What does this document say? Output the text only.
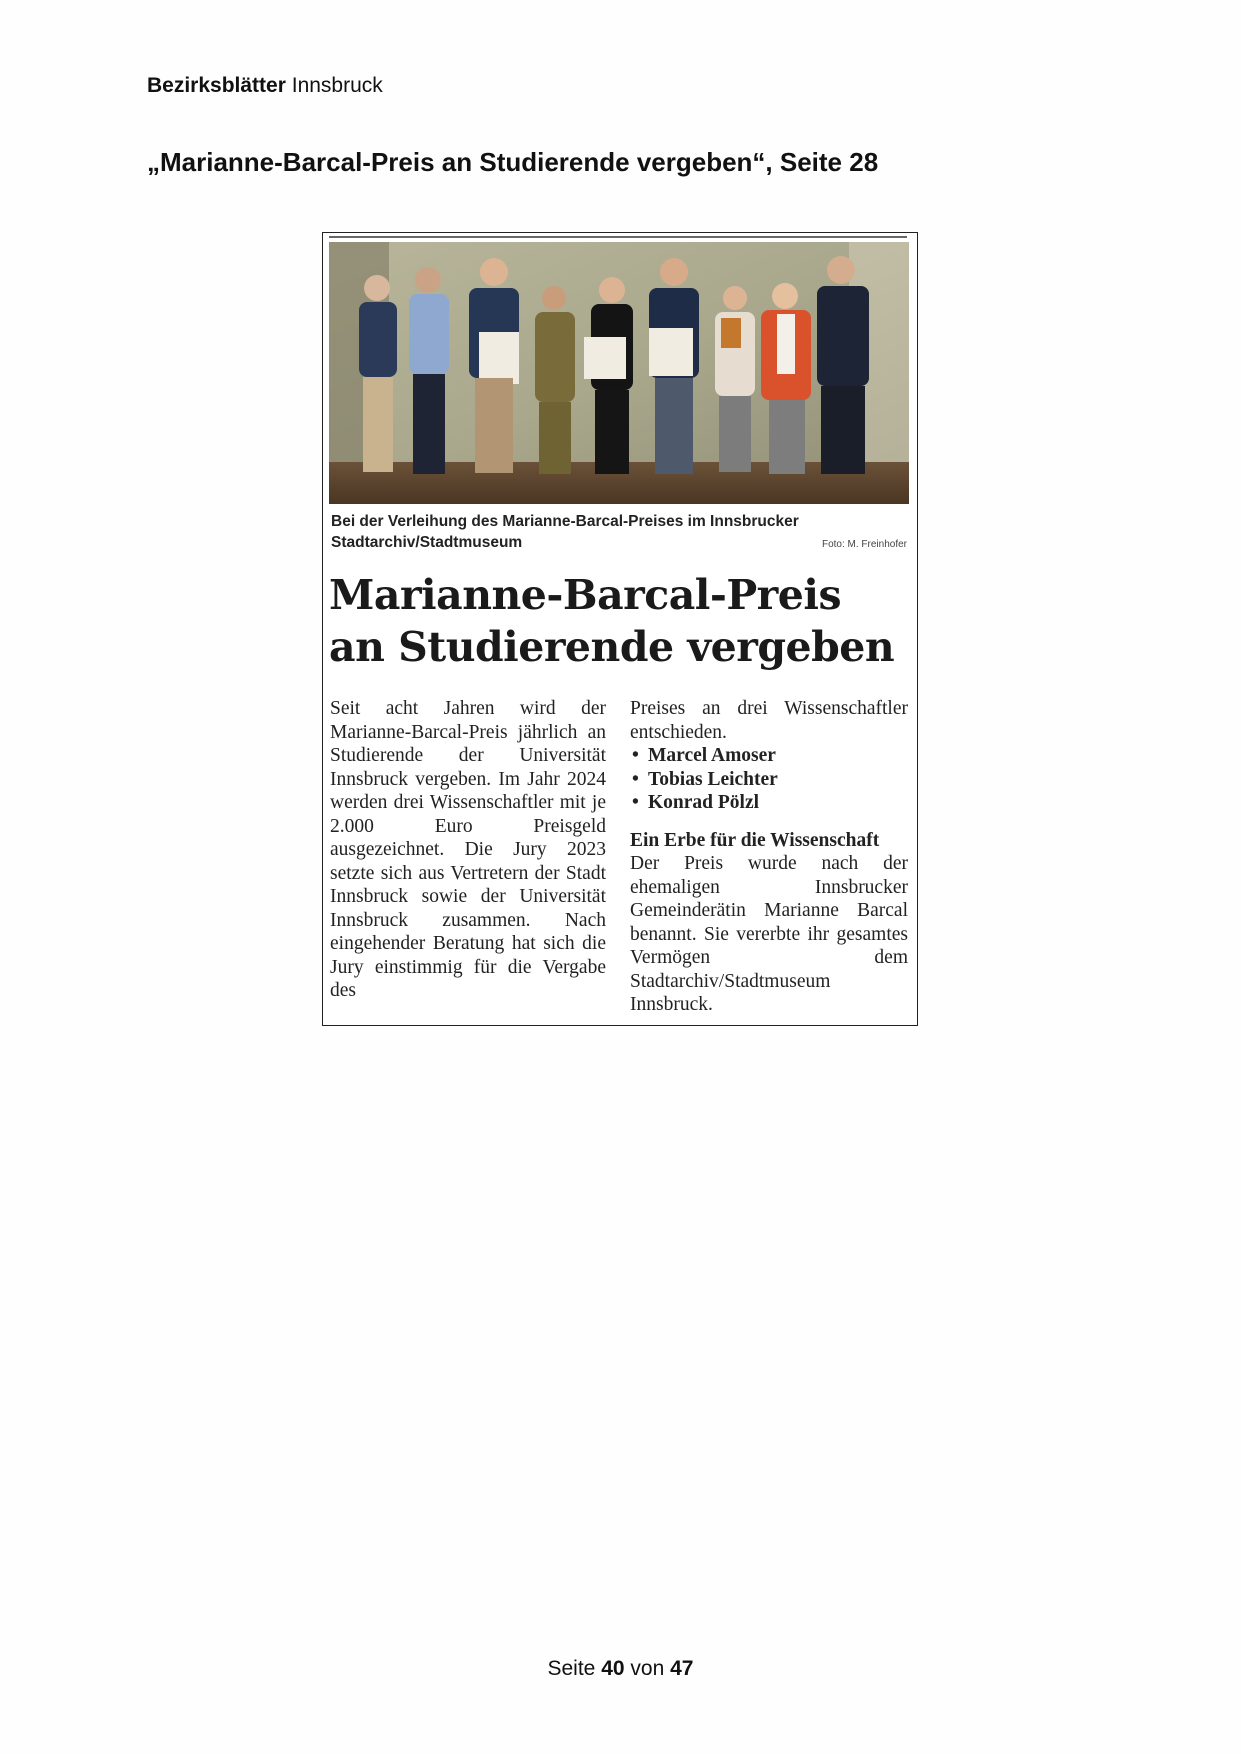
Bezirksblätter Innsbruck
„Marianne-Barcal-Preis an Studierende vergeben“, Seite 28
Bei der Verleihung des Marianne-Barcal-Preises im Innsbrucker Stadtarchiv/Stadtmuseum	Foto: M. Freinhofer
Marianne-Barcal-Preis
an Studierende vergeben
Seit acht Jahren wird der Marianne-Barcal-Preis jährlich an Studierende der Universität Innsbruck vergeben. Im Jahr 2024 werden drei Wissenschaftler mit je 2.000 Euro Preisgeld ausgezeichnet. Die Jury 2023 setzte sich aus Vertretern der Stadt Innsbruck sowie der Universität Innsbruck zusammen. Nach eingehender Beratung hat sich die Jury einstimmig für die Vergabe des
Preises an drei Wissenschaftler entschieden.
• Marcel Amoser
• Tobias Leichter
• Konrad Pölzl
Ein Erbe für die Wissenschaft
Der Preis wurde nach der ehemaligen Innsbrucker Gemeinderätin Marianne Barcal benannt. Sie vererbte ihr gesamtes Vermögen dem Stadtarchiv/Stadtmuseum Innsbruck.
Seite 40 von 47
